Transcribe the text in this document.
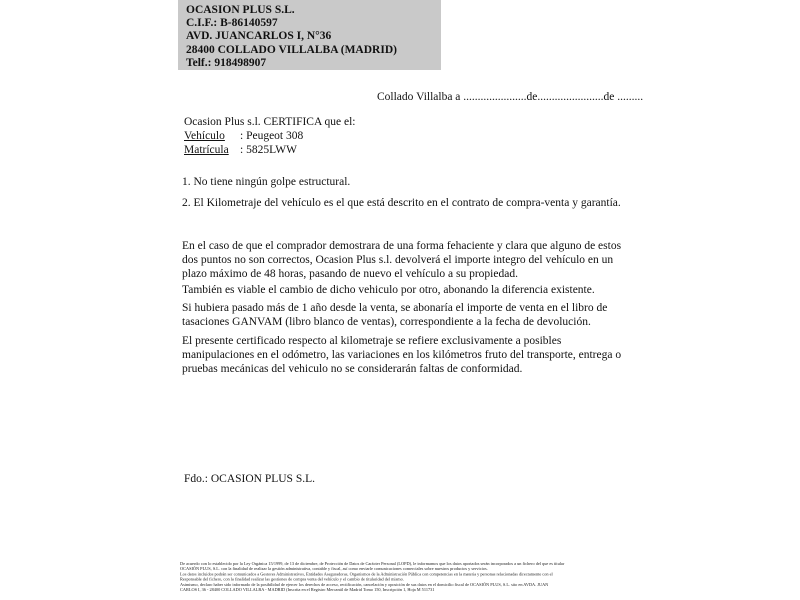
OCASION PLUS S.L.
C.I.F.: B-86140597
AVD. JUANCARLOS I, N°36
28400 COLLADO VILLALBA (MADRID)
Telf.: 918498907
Collado Villalba a ......................de.......................de .........
Ocasion Plus s.l. CERTIFICA que el:
Vehículo : Peugeot 308
Matrícula : 5825LWW
1. No tiene ningún golpe estructural.
2. El Kilometraje del vehículo es el que está descrito en el contrato de compra-venta y garantía.
En el caso de que el comprador demostrara de una forma fehaciente y clara que alguno de estos dos puntos no son correctos, Ocasion Plus s.l. devolverá el importe integro del vehículo en un plazo máximo de 48 horas, pasando de nuevo el vehículo a su propiedad.
También es viable el cambio de dicho vehiculo por otro, abonando la diferencia existente.
Si hubiera pasado más de 1 año desde la venta, se abonaría el importe de venta en el libro de tasaciones GANVAM (libro blanco de ventas), correspondiente a la fecha de devolución.
El presente certificado respecto al kilometraje se refiere exclusivamente a posibles manipulaciones en el odómetro, las variaciones en los kilómetros fruto del transporte, entrega o pruebas mecánicas del vehiculo no se considerarán faltas de conformidad.
Fdo.: OCASION PLUS S.L.
De acuerdo con lo establecido por la Ley Orgánica 15/1999, de 13 de diciembre, de Protección de Datos de Carácter Personal (LOPD), le informamos que los datos aportados serán incorporados a un fichero del que es titular
OCASIÓN PLUS, S.L. con la finalidad de realizar la gestión administrativa, contable y fiscal, así como enviarle comunicaciones comerciales sobre nuestros productos y servicios.
Los datos incluidos podrán ser comunicados a Gestores Administrativos, Entidades Aseguradoras, Organismos de la Administración Pública con competencias en la materia y personas relacionadas directamente con el
Responsable del fichero, con la finalidad realizar las gestiones de compra venta del vehículo y el cambio de titularidad del mismo.
Asimismo, declaro haber sido informado de la posibilidad de ejercer los derechos de acceso, rectificación, cancelación y oposición de sus datos en el domicilio fiscal de OCASIÓN PLUS, S.L. sito en AVDA. JUAN
CARLOS I, 36 - 28400 COLLADO VILLALBA - MADRID (Inscrita en el Registro Mercantil de Madrid Tomo 150, Inscripción 1, Hoja M 511731
